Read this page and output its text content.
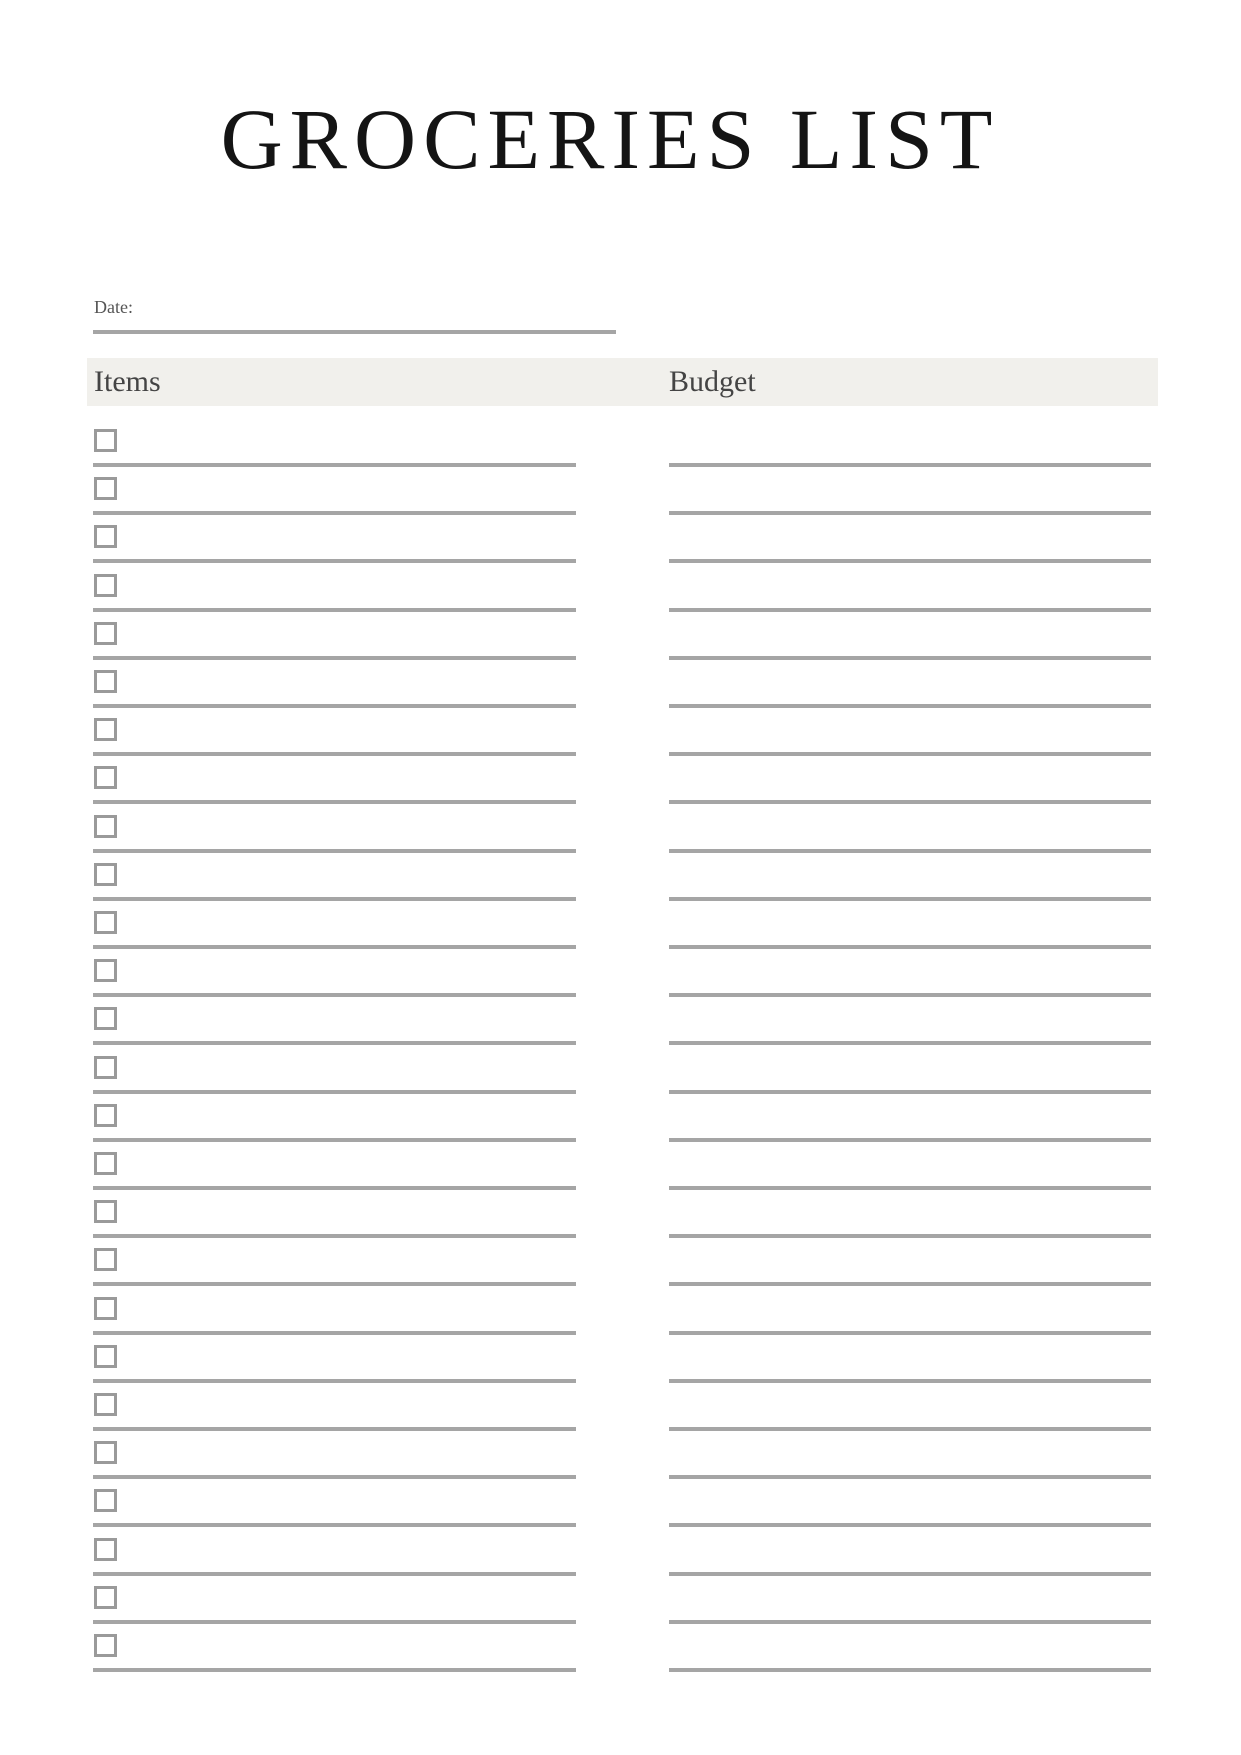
GROCERIES LIST
Date:
Items	Budget
